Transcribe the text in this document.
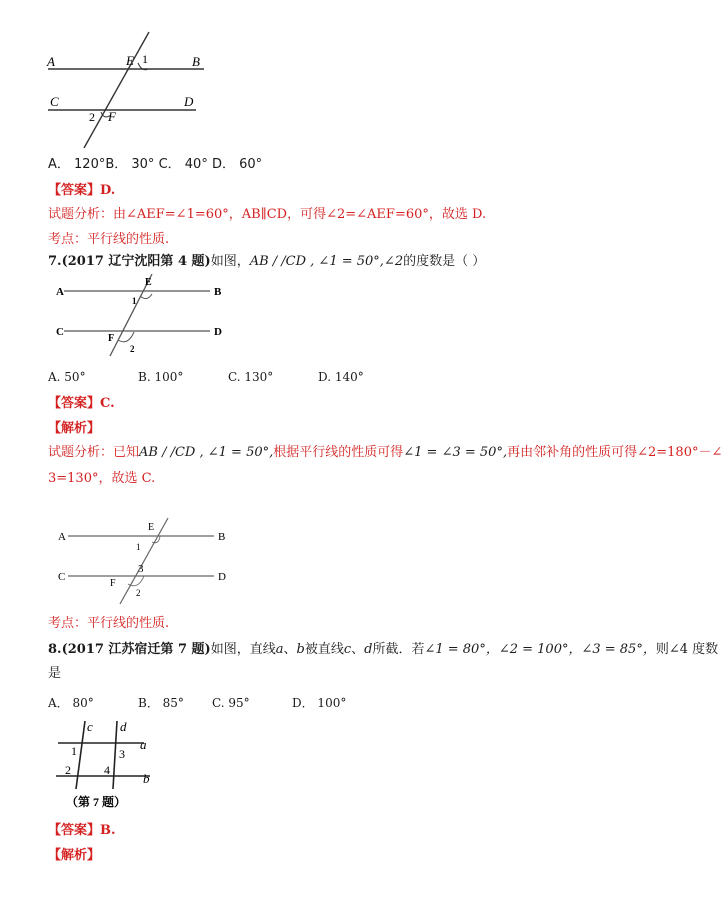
A	B
C	D
E
F
1
2
A． 120°B． 30° C． 40° D． 60°
【答案】D.
试题分析：由∠AEF=∠1=60°，AB∥CD，可得∠2=∠AEF=60°，故选 D.
考点：平行线的性质.
7.(2017 辽宁沈阳第 4 题)如图，AB / /CD , ∠1 = 50°,∠2的度数是（ ）
A	B
C	D
E
F
1
2
A. 50°	B. 100°	C. 130°	D. 140°
【答案】C.
【解析】
试题分析：已知AB / /CD , ∠1 = 50°,根据平行线的性质可得∠1 = ∠3 = 50°,再由邻补角的性质可得∠2=180°－∠
3=130°，故选 C.
A	B
C	D
E
F
1
2
3
考点：平行线的性质.
8.(2017 江苏宿迁第 7 题)如图，直线a、b被直线c、d所截．若∠1 = 80°，∠2 = 100°，∠3 = 85°，则∠4 度数
是
A． 80°	B． 85° C. 95°	D． 100°
c d
a
b
1
2
3
4
（第 7 题）
【答案】B.
【解析】
